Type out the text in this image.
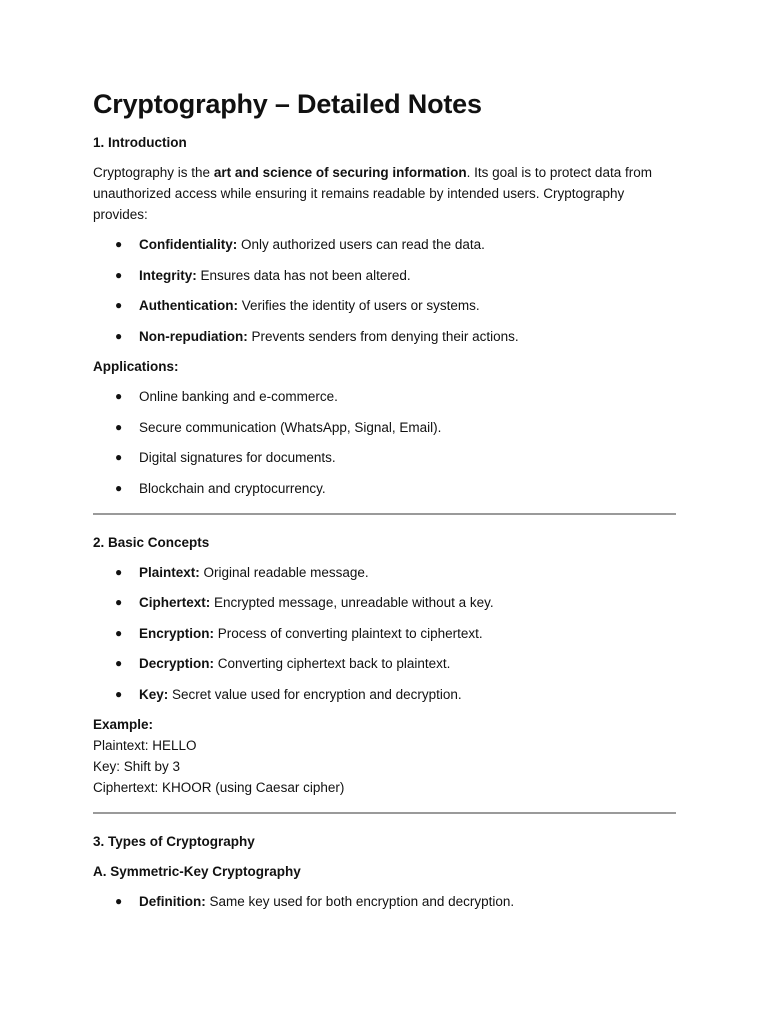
Cryptography – Detailed Notes
1. Introduction

Cryptography is the art and science of securing information. Its goal is to protect data from unauthorized access while ensuring it remains readable by intended users. Cryptography provides:

● Confidentiality: Only authorized users can read the data.
● Integrity: Ensures data has not been altered.
● Authentication: Verifies the identity of users or systems.
● Non-repudiation: Prevents senders from denying their actions.
Applications:
● Online banking and e-commerce.
● Secure communication (WhatsApp, Signal, Email).
● Digital signatures for documents.
● Blockchain and cryptocurrency.
2. Basic Concepts
● Plaintext: Original readable message.
● Ciphertext: Encrypted message, unreadable without a key.
● Encryption: Process of converting plaintext to ciphertext.
● Decryption: Converting ciphertext back to plaintext.
● Key: Secret value used for encryption and decryption.
Example:
Plaintext: HELLO
Key: Shift by 3
Ciphertext: KHOOR (using Caesar cipher)
3. Types of Cryptography
A. Symmetric-Key Cryptography
● Definition: Same key used for both encryption and decryption.
